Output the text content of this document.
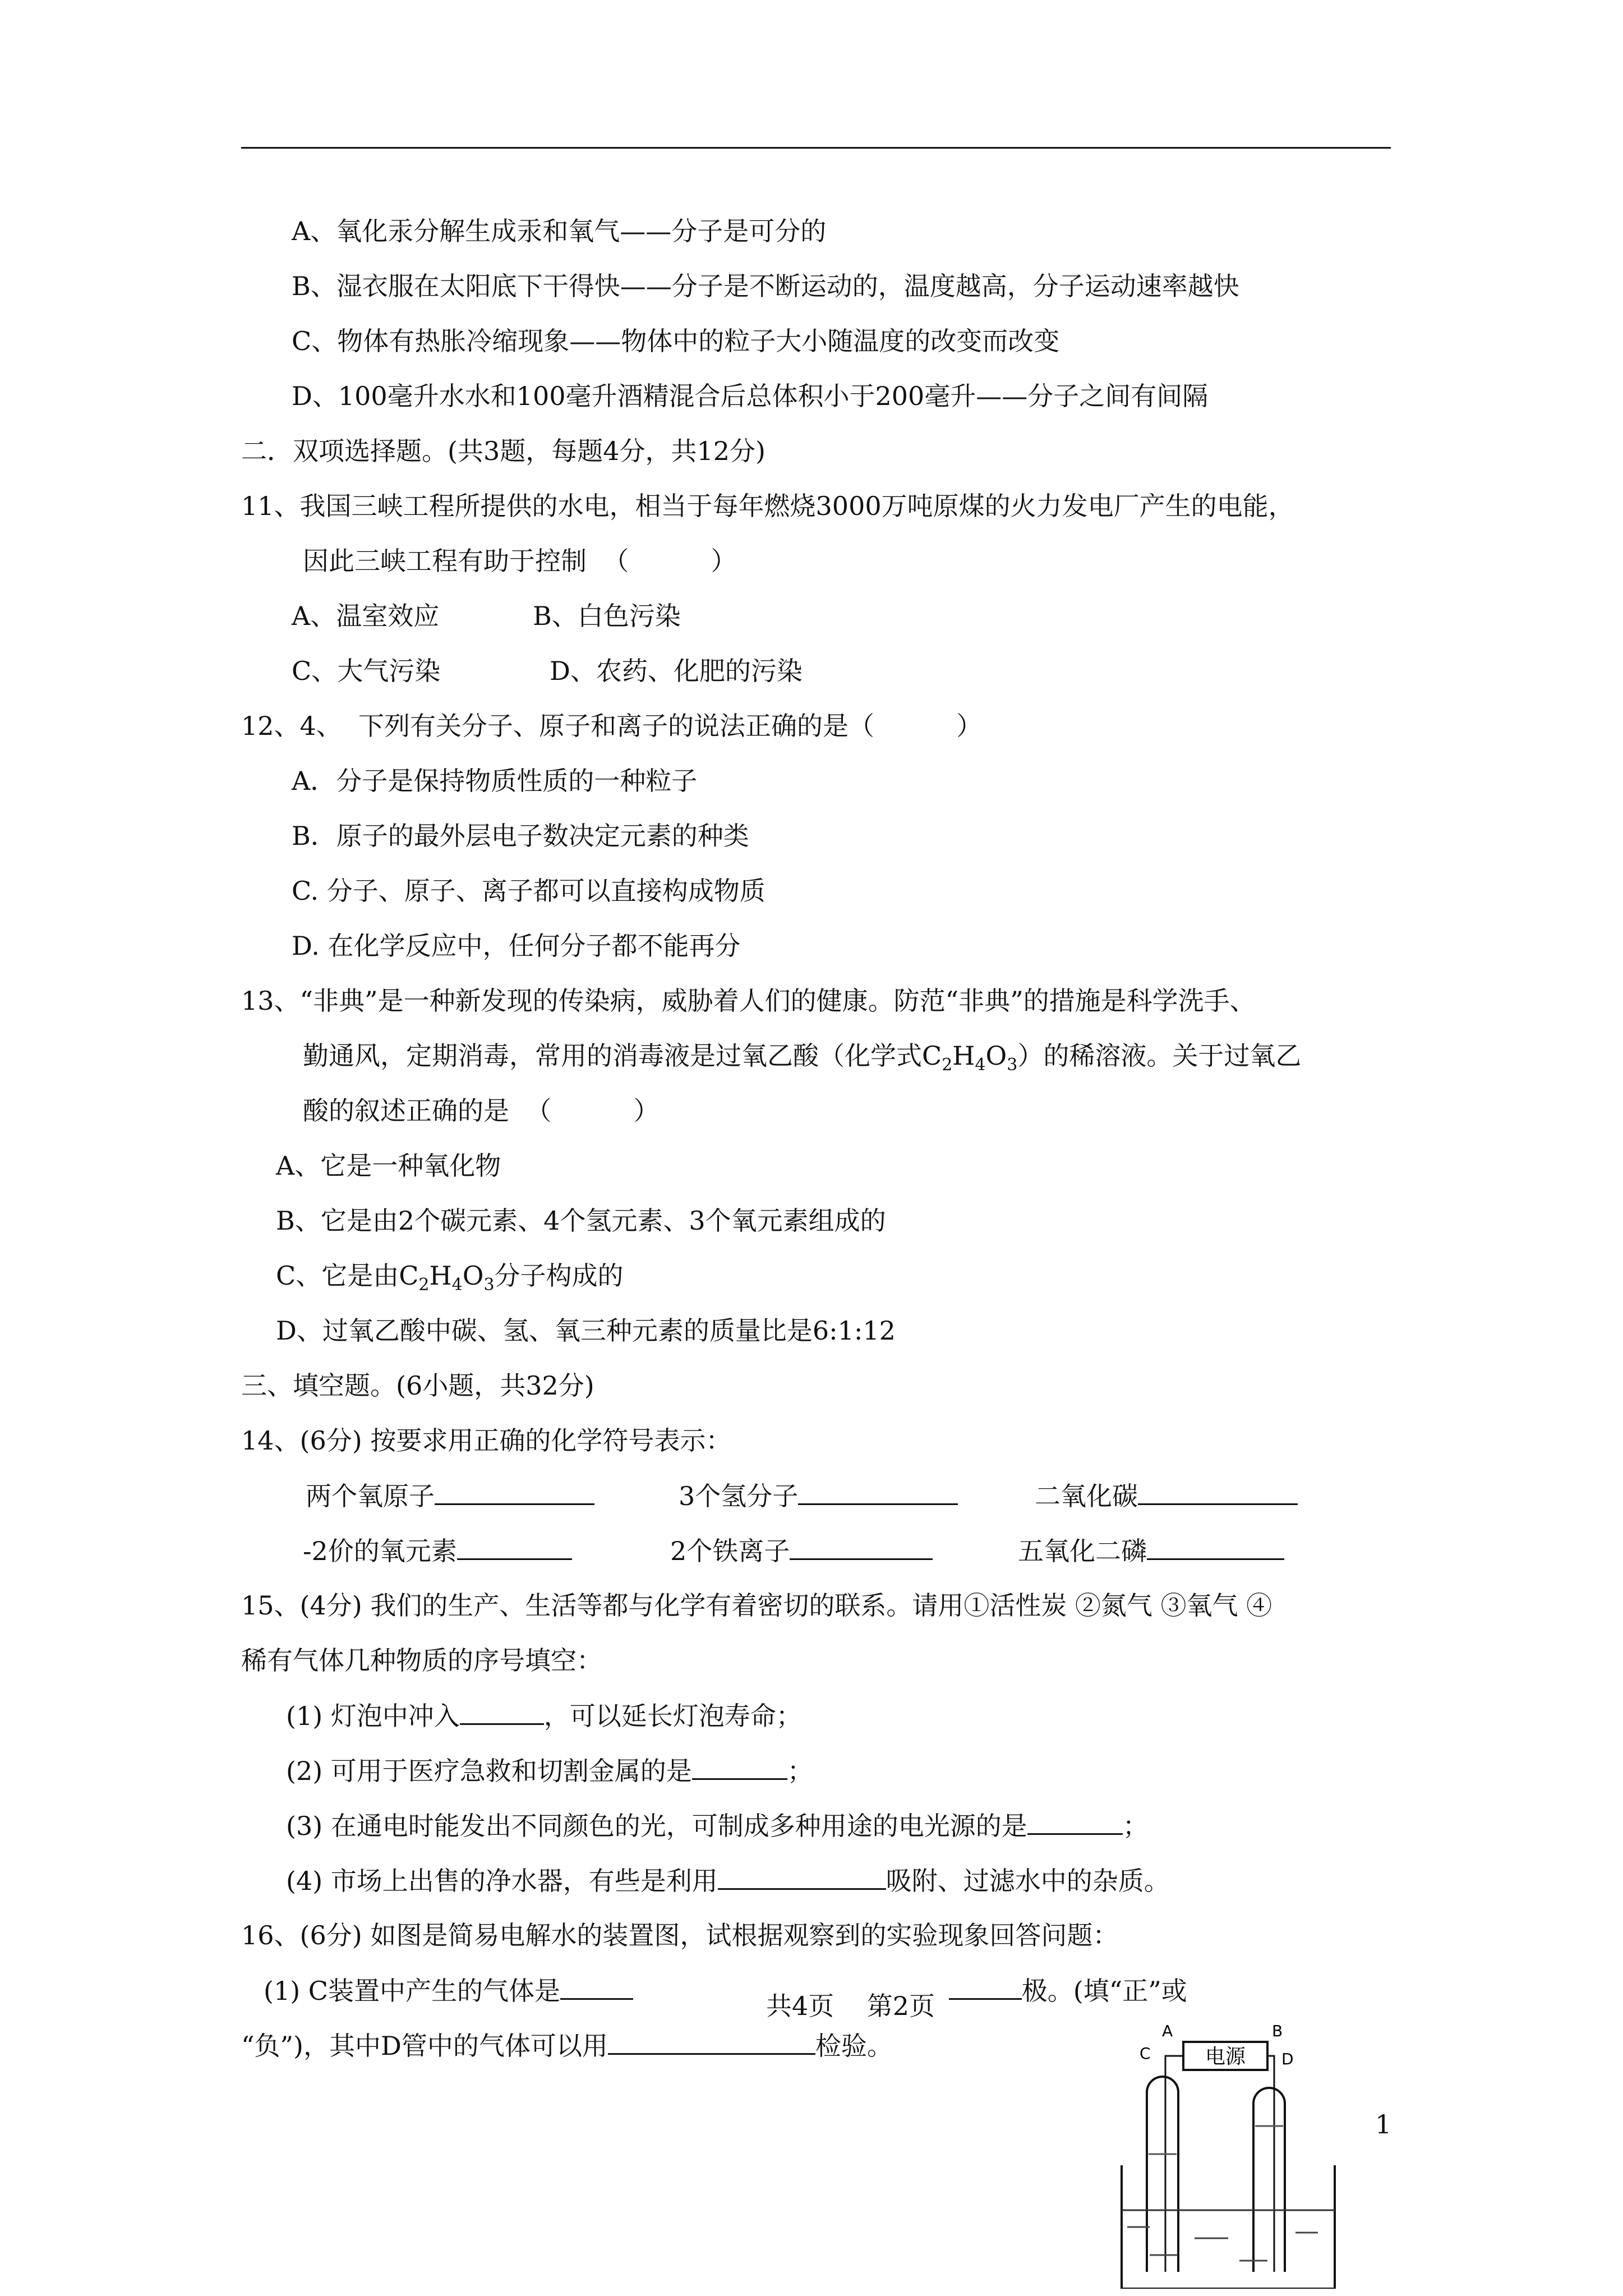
A、氧化汞分解生成汞和氧气——分子是可分的
B、湿衣服在太阳底下干得快——分子是不断运动的，温度越高，分子运动速率越快
C、物体有热胀冷缩现象——物体中的粒子大小随温度的改变而改变
D、100毫升水水和100毫升酒精混合后总体积小于200毫升——分子之间有间隔
二．双项选择题。(共3题，每题4分，共12分)
11、我国三峡工程所提供的水电，相当于每年燃烧3000万吨原煤的火力发电厂产生的电能，
因此三峡工程有助于控制  （          ）
A、温室效应	B、白色污染
C、大气污染	D、农药、化肥的污染
12、4、  下列有关分子、原子和离子的说法正确的是（          ）
A．分子是保持物质性质的一种粒子
B．原子的最外层电子数决定元素的种类
C. 分子、原子、离子都可以直接构成物质
D. 在化学反应中，任何分子都不能再分
13、“非典”是一种新发现的传染病，威胁着人们的健康。防范“非典”的措施是科学洗手、
勤通风，定期消毒，常用的消毒液是过氧乙酸（化学式$C_2H_4O_3$）的稀溶液。关于过氧乙
酸的叙述正确的是  （          ）
A、它是一种氧化物
B、它是由2个碳元素、4个氢元素、3个氧元素组成的
C、它是由$C_2H_4O_3$分子构成的
D、过氧乙酸中碳、氢、氧三种元素的质量比是6:1:12
三、填空题。(6小题，共32分)
14、(6分) 按要求用正确的化学符号表示：
两个氧原子	3个氢分子	二氧化碳
-2价的氧元素	2个铁离子	五氧化二磷
15、(4分) 我们的生产、生活等都与化学有着密切的联系。请用①活性炭 ②氮气 ③氧气 ④
稀有气体几种物质的序号填空：
(1) 灯泡中冲入	，可以延长灯泡寿命；
(2) 可用于医疗急救和切割金属的是	；
(3) 在通电时能发出不同颜色的光，可制成多种用途的电光源的是	；
(4) 市场上出售的净水器，有些是利用	吸附、过滤水中的杂质。
16、(6分) 如图是简易电解水的装置图，试根据观察到的实验现象回答问题：
(1) C装置中产生的气体是	极。(填“正”或
“负”)，其中D管中的气体可以用	检验。
共4页    第2页
1
电源
A	B
C	D
